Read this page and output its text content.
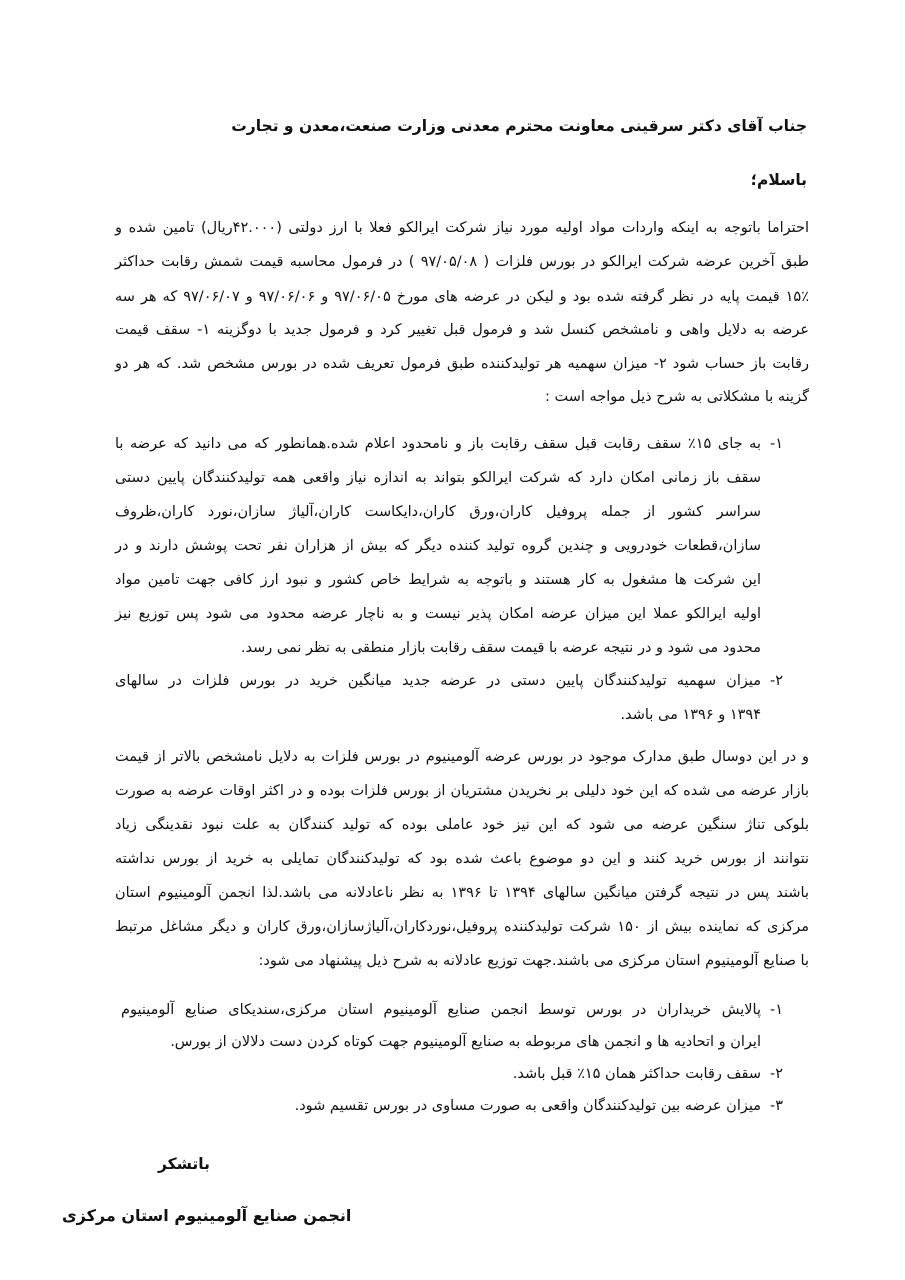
جناب آقای دکتر سرقینی معاونت محترم معدنی وزارت صنعت،معدن و تجارت
باسلام؛
احتراما باتوجه به اینکه واردات مواد اولیه مورد نیاز شرکت ایرالکو فعلا با ارز دولتی (۴۲.۰۰۰ریال) تامین شده و
طبق آخرین عرضه شرکت ایرالکو در بورس فلزات ( ۹۷/۰۵/۰۸ ) در فرمول محاسبه قیمت شمش رقابت حداکثر
۱۵٪ قیمت پایه در نظر گرفته شده بود و لیکن در عرضه های مورخ ۹۷/۰۶/۰۵ و ۹۷/۰۶/۰۶ و ۹۷/۰۶/۰۷ که هر سه
عرضه به دلایل واهی و نامشخص کنسل شد و فرمول قبل تغییر کرد و فرمول جدید با دوگزینه ۱- سقف قیمت
رقابت باز حساب شود ۲- میزان سهمیه هر تولیدکننده طبق فرمول تعریف شده در بورس مشخص شد. که هر دو
گزینه با مشکلاتی به شرح ذیل مواجه است :
۱-
به جای ۱۵٪ سقف رقابت قبل سقف رقابت باز و نامحدود اعلام شده.همانطور که می دانید که عرضه با
سقف باز زمانی امکان دارد که شرکت ایرالکو بتواند به اندازه نیاز واقعی همه تولیدکنندگان پایین دستی
سراسر کشور از جمله پروفیل کاران،ورق کاران،دایکاست کاران،آلیاژ سازان،نورد کاران،ظروف
سازان،قطعات خودرویی و چندین گروه تولید کننده دیگر که بیش از هزاران نفر تحت پوشش دارند و در
این شرکت ها مشغول به کار هستند و باتوجه به شرایط خاص کشور و نبود ارز کافی جهت تامین مواد
اولیه ایرالکو عملا این میزان عرضه امکان پذیر نیست و به ناچار عرضه محدود می شود پس توزیع نیز
محدود می شود و در نتیجه عرضه با قیمت سقف رقابت بازار منطقی به نظر نمی رسد.
۲-
میزان سهمیه تولیدکنندگان پایین دستی در عرضه جدید میانگین خرید در بورس فلزات در سالهای
۱۳۹۴ و ۱۳۹۶ می باشد.
و در این دوسال طبق مدارک موجود در بورس عرضه آلومینیوم در بورس فلزات به دلایل نامشخص بالاتر از قیمت
بازار عرضه می شده که این خود دلیلی بر نخریدن مشتریان از بورس فلزات بوده و در اکثر اوقات عرضه به صورت
بلوکی تناژ سنگین عرضه می شود که این نیز خود عاملی بوده که تولید کنندگان به علت نبود نقدینگی زیاد
نتوانند از بورس خرید کنند و این دو موضوع باعث شده بود که تولیدکنندگان تمایلی به خرید از بورس نداشته
باشند پس در نتیجه گرفتن میانگین سالهای ۱۳۹۴ تا ۱۳۹۶ به نظر ناعادلانه می باشد.لذا انجمن آلومینیوم استان
مرکزی که نماینده بیش از ۱۵۰ شرکت تولیدکننده پروفیل،نوردکاران،آلیاژسازان،ورق کاران و دیگر مشاغل مرتبط
با صنایع آلومینیوم استان مرکزی می باشند.جهت توزیع عادلانه به شرح ذیل پیشنهاد می شود:
۱-
پالایش خریداران در بورس توسط انجمن صنایع آلومینیوم استان مرکزی،سندیکای صنایع آلومینیوم
ایران و اتحادیه ها و انجمن های مربوطه به صنایع آلومینیوم جهت کوتاه کردن دست دلالان از بورس.
۲-
سقف رقابت حداکثر همان ۱۵٪ قبل باشد.
۳-
میزان عرضه بین تولیدکنندگان واقعی به صورت مساوی در بورس تقسیم شود.
باتشکر
انجمن صنایع آلومینیوم استان مرکزی
